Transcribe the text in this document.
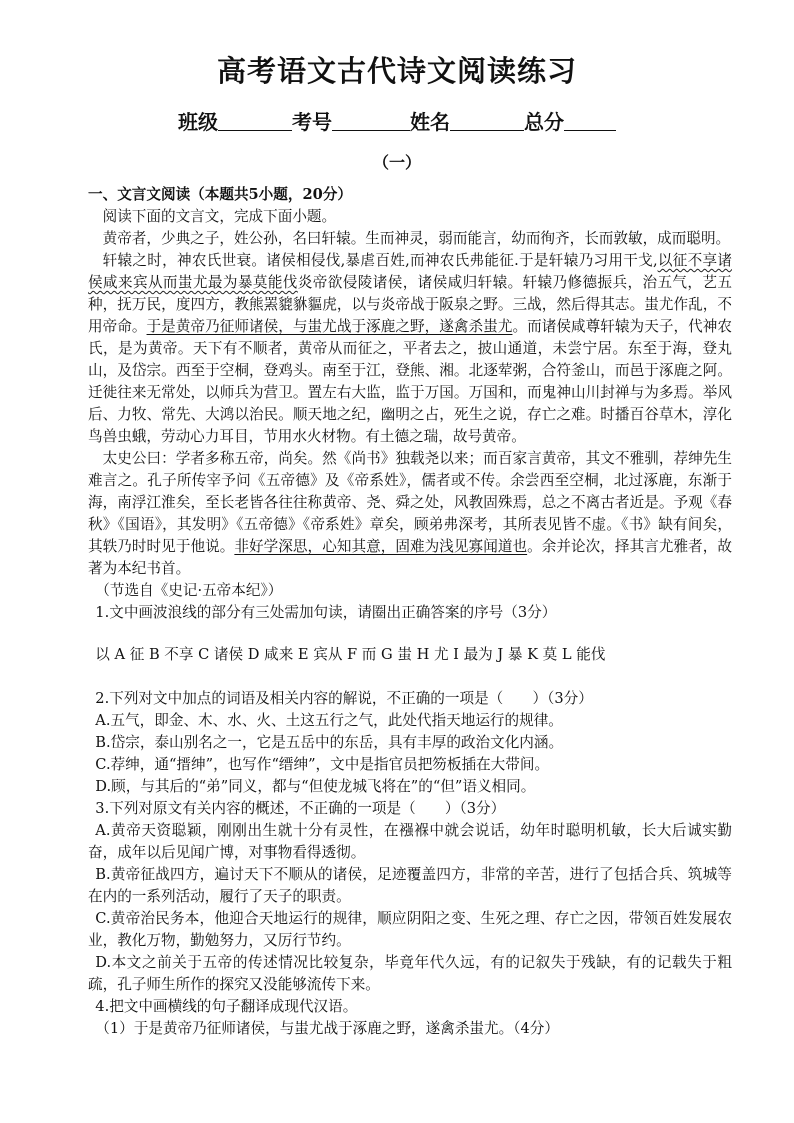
高考语文古代诗文阅读练习
班级	考号	姓名	总分
（一）

一、文言文阅读（本题共5小题，20分）

阅读下面的文言文，完成下面小题。

黄帝者，少典之子，姓公孙，名曰轩辕。生而神灵，弱而能言，幼而徇齐，长而敦敏，成而聪明。

轩辕之时，神农氏世衰。诸侯相侵伐,暴虐百姓,而神农氏弗能征.于是轩辕乃习用干戈,以征不享诸侯咸来宾从而蚩尤最为暴莫能伐炎帝欲侵陵诸侯，诸侯咸归轩辕。轩辕乃修德振兵，治五气，艺五种，抚万民，度四方，教熊罴貔貅貙虎，以与炎帝战于阪泉之野。三战，然后得其志。蚩尤作乱，不用帝命。于是黄帝乃征师诸侯，与蚩尤战于涿鹿之野，遂禽杀蚩尤。而诸侯咸尊轩辕为天子，代神农氏，是为黄帝。天下有不顺者，黄帝从而征之，平者去之，披山通道，未尝宁居。东至于海，登丸山，及岱宗。西至于空桐，登鸡头。南至于江，登熊、湘。北逐荤粥，合符釜山，而邑于涿鹿之阿。迁徙往来无常处，以师兵为营卫。置左右大监，监于万国。万国和，而鬼神山川封禅与为多焉。举风后、力牧、常先、大鸿以治民。顺天地之纪，幽明之占，死生之说，存亡之难。时播百谷草木，淳化鸟兽虫蛾，劳动心力耳目，节用水火材物。有土德之瑞，故号黄帝。

太史公曰：学者多称五帝，尚矣。然《尚书》独载尧以来；而百家言黄帝，其文不雅驯，荐绅先生难言之。孔子所传宰予问《五帝德》及《帝系姓》，儒者或不传。余尝西至空桐，北过涿鹿，东渐于海，南浮江淮矣，至长老皆各往往称黄帝、尧、舜之处，风教固殊焉，总之不离古者近是。予观《春秋》《国语》，其发明》《五帝德》《帝系姓》章矣，顾弟弗深考，其所表见皆不虚。《书》缺有间矣，其轶乃时时见于他说。非好学深思，心知其意，固难为浅见寡闻道也。余并论次，择其言尤雅者，故著为本纪书首。

（节选自《史记·五帝本纪》）

1.文中画波浪线的部分有三处需加句读，请圈出正确答案的序号（3分）

以 A 征 B 不享 C 诸侯 D 咸来 E 宾从 F 而 G 蚩 H 尤 I 最为 J 暴 K 莫 L 能伐

2.下列对文中加点的词语及相关内容的解说，不正确的一项是（　　）（3分）

A.五气，即金、木、水、火、土这五行之气，此处代指天地运行的规律。

B.岱宗，泰山别名之一，它是五岳中的东岳，具有丰厚的政治文化内涵。

C.荐绅，通“搢绅”，也写作“缙绅”，文中是指官员把笏板插在大带间。

D.顾，与其后的“弟”同义，都与“但使龙城飞将在”的“但”语义相同。

3.下列对原文有关内容的概述，不正确的一项是（　　）（3分）

A.黄帝天资聪颖，刚刚出生就十分有灵性，在襁褓中就会说话，幼年时聪明机敏，长大后诚实勤奋，成年以后见闻广博，对事物看得透彻。

B.黄帝征战四方，遍讨天下不顺从的诸侯，足迹覆盖四方，非常的辛苦，进行了包括合兵、筑城等在内的一系列活动，履行了天子的职责。

C.黄帝治民务本，他迎合天地运行的规律，顺应阴阳之变、生死之理、存亡之因，带领百姓发展农业，教化万物，勤勉努力，又厉行节约。

D.本文之前关于五帝的传述情况比较复杂，毕竟年代久远，有的记叙失于残缺，有的记载失于粗疏，孔子师生所作的探究又没能够流传下来。

4.把文中画横线的句子翻译成现代汉语。

（1）于是黄帝乃征师诸侯，与蚩尤战于涿鹿之野，遂禽杀蚩尤。（4分）
